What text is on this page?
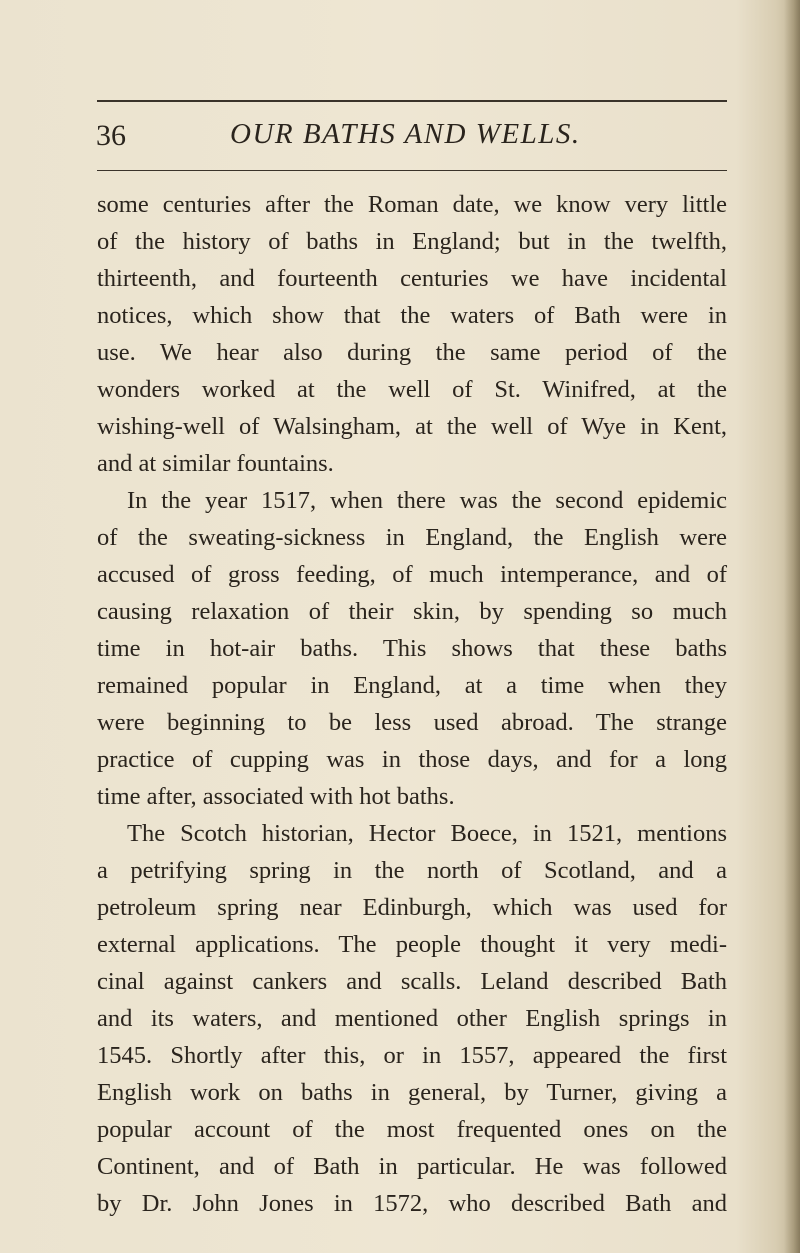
36	OUR BATHS AND WELLS.
some centuries after the Roman date, we know very little
of the history of baths in England; but in the twelfth,
thirteenth, and fourteenth centuries we have incidental
notices, which show that the waters of Bath were in
use. We hear also during the same period of the
wonders worked at the well of St. Winifred, at the
wishing-well of Walsingham, at the well of Wye in Kent,
and at similar fountains.
In the year 1517, when there was the second epidemic
of the sweating-sickness in England, the English were
accused of gross feeding, of much intemperance, and of
causing relaxation of their skin, by spending so much
time in hot-air baths. This shows that these baths
remained popular in England, at a time when they
were beginning to be less used abroad. The strange
practice of cupping was in those days, and for a long
time after, associated with hot baths.
The Scotch historian, Hector Boece, in 1521, mentions
a petrifying spring in the north of Scotland, and a
petroleum spring near Edinburgh, which was used for
external applications. The people thought it very medi-
cinal against cankers and scalls. Leland described Bath
and its waters, and mentioned other English springs in
1545. Shortly after this, or in 1557, appeared the first
English work on baths in general, by Turner, giving a
popular account of the most frequented ones on the
Continent, and of Bath in particular. He was followed
by Dr. John Jones in 1572, who described Bath and
